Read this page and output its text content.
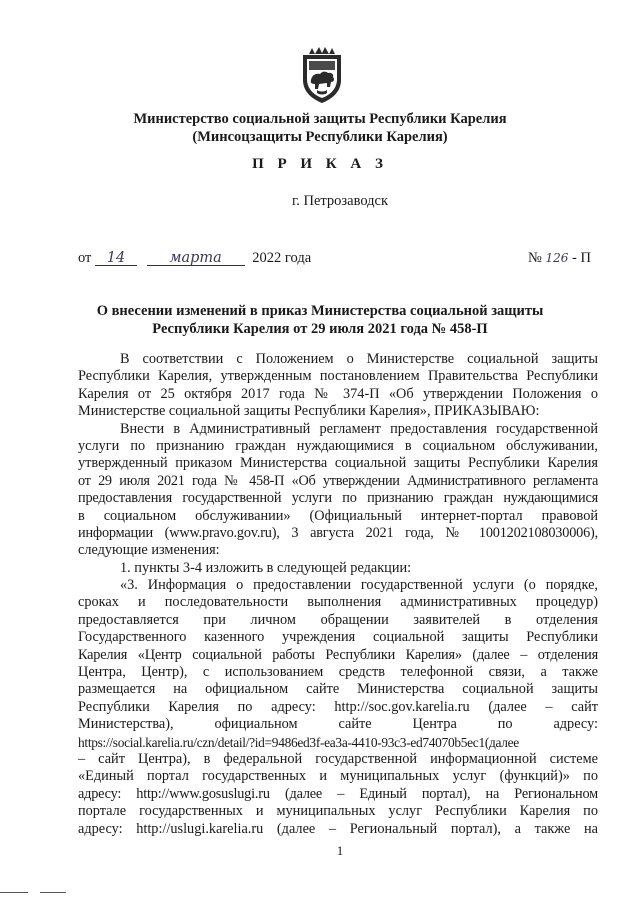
Министерство социальной защиты Республики Карелия
(Минсоцзащиты Республики Карелия)
П Р И К А З
г. Петрозаводск
от 14	марта 2022 года	№ 126 - П
О внесении изменений в приказ Министерства социальной защиты
Республики Карелия от 29 июля 2021 года № 458-П
В соответствии с Положением о Министерстве социальной защиты
Республики Карелия, утвержденным постановлением Правительства Республики
Карелия от 25 октября 2017 года № 374-П «Об утверждении Положения о
Министерстве социальной защиты Республики Карелия», ПРИКАЗЫВАЮ:
Внести в Административный регламент предоставления государственной
услуги по признанию граждан нуждающимися в социальном обслуживании,
утвержденный приказом Министерства социальной защиты Республики Карелия
от 29 июля 2021 года № 458-П «Об утверждении Административного регламента
предоставления государственной услуги по признанию граждан нуждающимися
в социальном обслуживании» (Официальный интернет-портал правовой
информации (www.pravo.gov.ru), 3 августа 2021 года, № 1001202108030006),
следующие изменения:
1. пункты 3-4 изложить в следующей редакции:
«3. Информация о предоставлении государственной услуги (о порядке,
сроках и последовательности выполнения административных процедур)
предоставляется при личном обращении заявителей в отделения
Государственного казенного учреждения социальной защиты Республики
Карелия «Центр социальной работы Республики Карелия» (далее – отделения
Центра, Центр), с использованием средств телефонной связи, а также
размещается на официальном сайте Министерства социальной защиты
Республики Карелия по адресу: http://soc.gov.karelia.ru (далее – сайт
Министерства), официальном сайте Центра по адресу:
https://social.karelia.ru/czn/detail/?id=9486ed3f-ea3a-4410-93c3-ed74070b5ec1(далее
– сайт Центра), в федеральной государственной информационной системе
«Единый портал государственных и муниципальных услуг (функций)» по
адресу: http://www.gosuslugi.ru (далее – Единый портал), на Региональном
портале государственных и муниципальных услуг Республики Карелия по
адресу: http://uslugi.karelia.ru (далее – Региональный портал), а также на
1
